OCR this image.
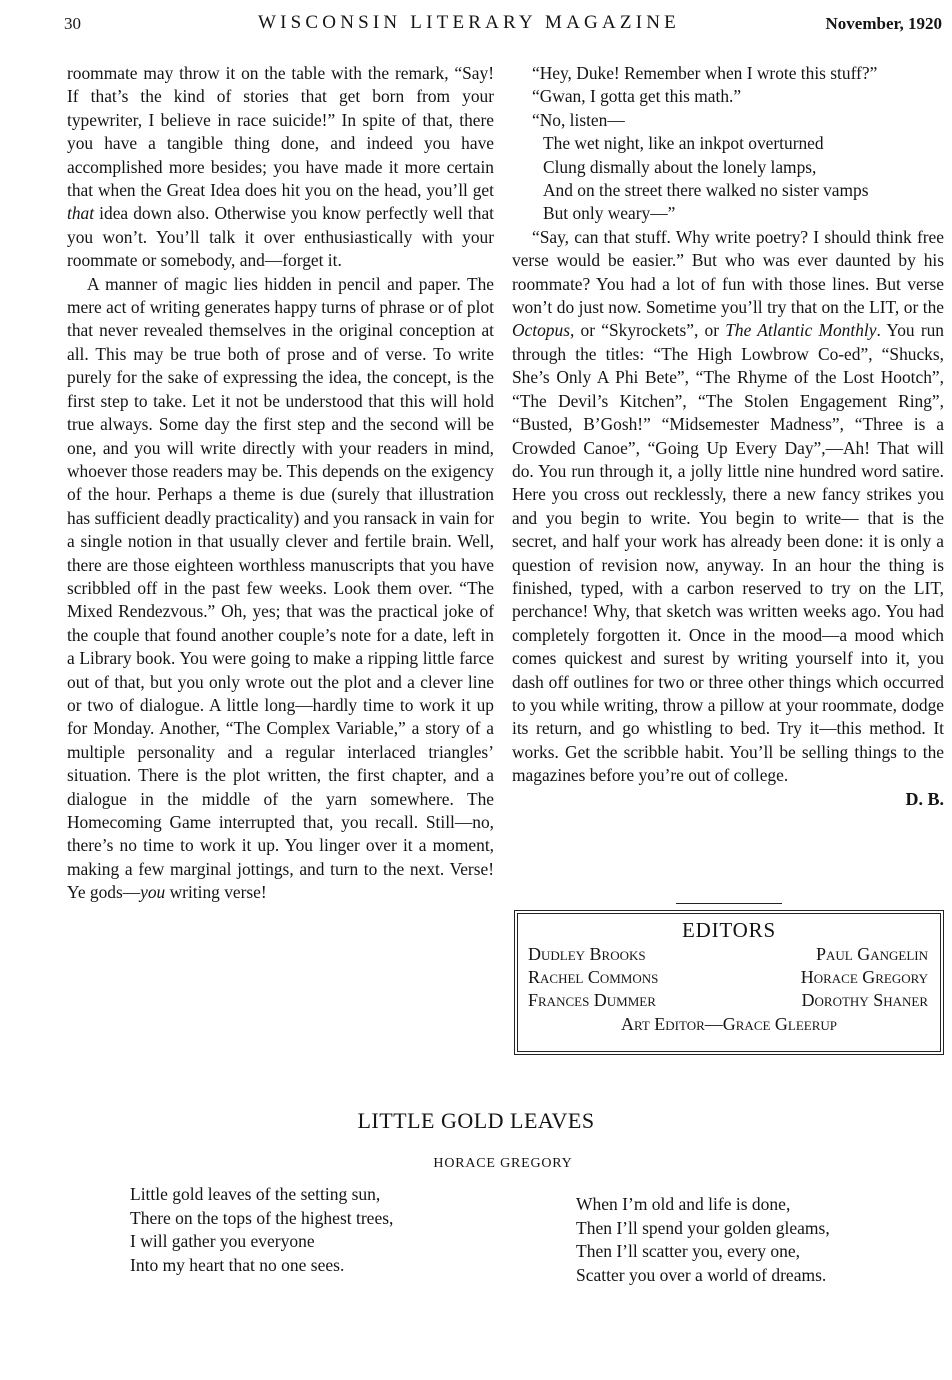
30	WISCONSIN LITERARY MAGAZINE	November, 1920

roommate may throw it on the table with the remark, “Say! If that’s the kind of stories that get born from your typewriter, I believe in race suicide!” In spite of that, there you have a tangible thing done, and indeed you have accomplished more besides; you have made it more certain that when the Great Idea does hit you on the head, you’ll get that idea down also. Otherwise you know perfectly well that you won’t. You’ll talk it over enthusiastically with your roommate or somebody, and—forget it.

A manner of magic lies hidden in pencil and paper. The mere act of writing generates happy turns of phrase or of plot that never revealed themselves in the original conception at all. This may be true both of prose and of verse. To write purely for the sake of expressing the idea, the concept, is the first step to take. Let it not be understood that this will hold true always. Some day the first step and the second will be one, and you will write directly with your readers in mind, whoever those readers may be. This depends on the exigency of the hour. Perhaps a theme is due (surely that illustration has sufficient deadly practicality) and you ransack in vain for a single notion in that usually clever and fertile brain. Well, there are those eighteen worthless manuscripts that you have scribbled off in the past few weeks. Look them over. “The Mixed Rendezvous.” Oh, yes; that was the practical joke of the couple that found another couple’s note for a date, left in a Library book. You were going to make a ripping little farce out of that, but you only wrote out the plot and a clever line or two of dialogue. A little long—hardly time to work it up for Monday. Another, “The Complex Variable,” a story of a multiple personality and a regular interlaced triangles’ situation. There is the plot written, the first chapter, and a dialogue in the middle of the yarn somewhere. The Homecoming Game interrupted that, you recall. Still—no, there’s no time to work it up. You linger over it a moment, making a few marginal jottings, and turn to the next. Verse! Ye gods—you writing verse!

“Hey, Duke! Remember when I wrote this stuff?”

“Gwan, I gotta get this math.”

“No, listen—

The wet night, like an inkpot overturned

Clung dismally about the lonely lamps,

And on the street there walked no sister vamps

But only weary—”

“Say, can that stuff. Why write poetry? I should think free verse would be easier.” But who was ever daunted by his roommate? You had a lot of fun with those lines. But verse won’t do just now. Sometime you’ll try that on the LIT, or the Octopus, or “Skyrockets”, or The Atlantic Monthly. You run through the titles: “The High Lowbrow Co-ed”, “Shucks, She’s Only A Phi Bete”, “The Rhyme of the Lost Hootch”, “The Devil’s Kitchen”, “The Stolen Engagement Ring”, “Busted, B’Gosh!” “Midsemester Madness”, “Three is a Crowded Canoe”, “Going Up Every Day”,—Ah! That will do. You run through it, a jolly little nine hundred word satire. Here you cross out recklessly, there a new fancy strikes you and you begin to write. You begin to write— that is the secret, and half your work has already been done: it is only a question of revision now, anyway. In an hour the thing is finished, typed, with a carbon reserved to try on the LIT, perchance! Why, that sketch was written weeks ago. You had completely forgotten it. Once in the mood—a mood which comes quickest and surest by writing yourself into it, you dash off outlines for two or three other things which occurred to you while writing, throw a pillow at your roommate, dodge its return, and go whistling to bed. Try it—this method. It works. Get the scribble habit. You’ll be selling things to the magazines before you’re out of college.

D. B.

EDITORS
Dudley Brooks	Paul Gangelin
Rachel Commons	Horace Gregory
Frances Dummer	Dorothy Shaner
Art Editor—Grace Gleerup
LITTLE GOLD LEAVES
HORACE GREGORY
Little gold leaves of the setting sun,
There on the tops of the highest trees,
I will gather you everyone
Into my heart that no one sees.
When I’m old and life is done,
Then I’ll spend your golden gleams,
Then I’ll scatter you, every one,
Scatter you over a world of dreams.
